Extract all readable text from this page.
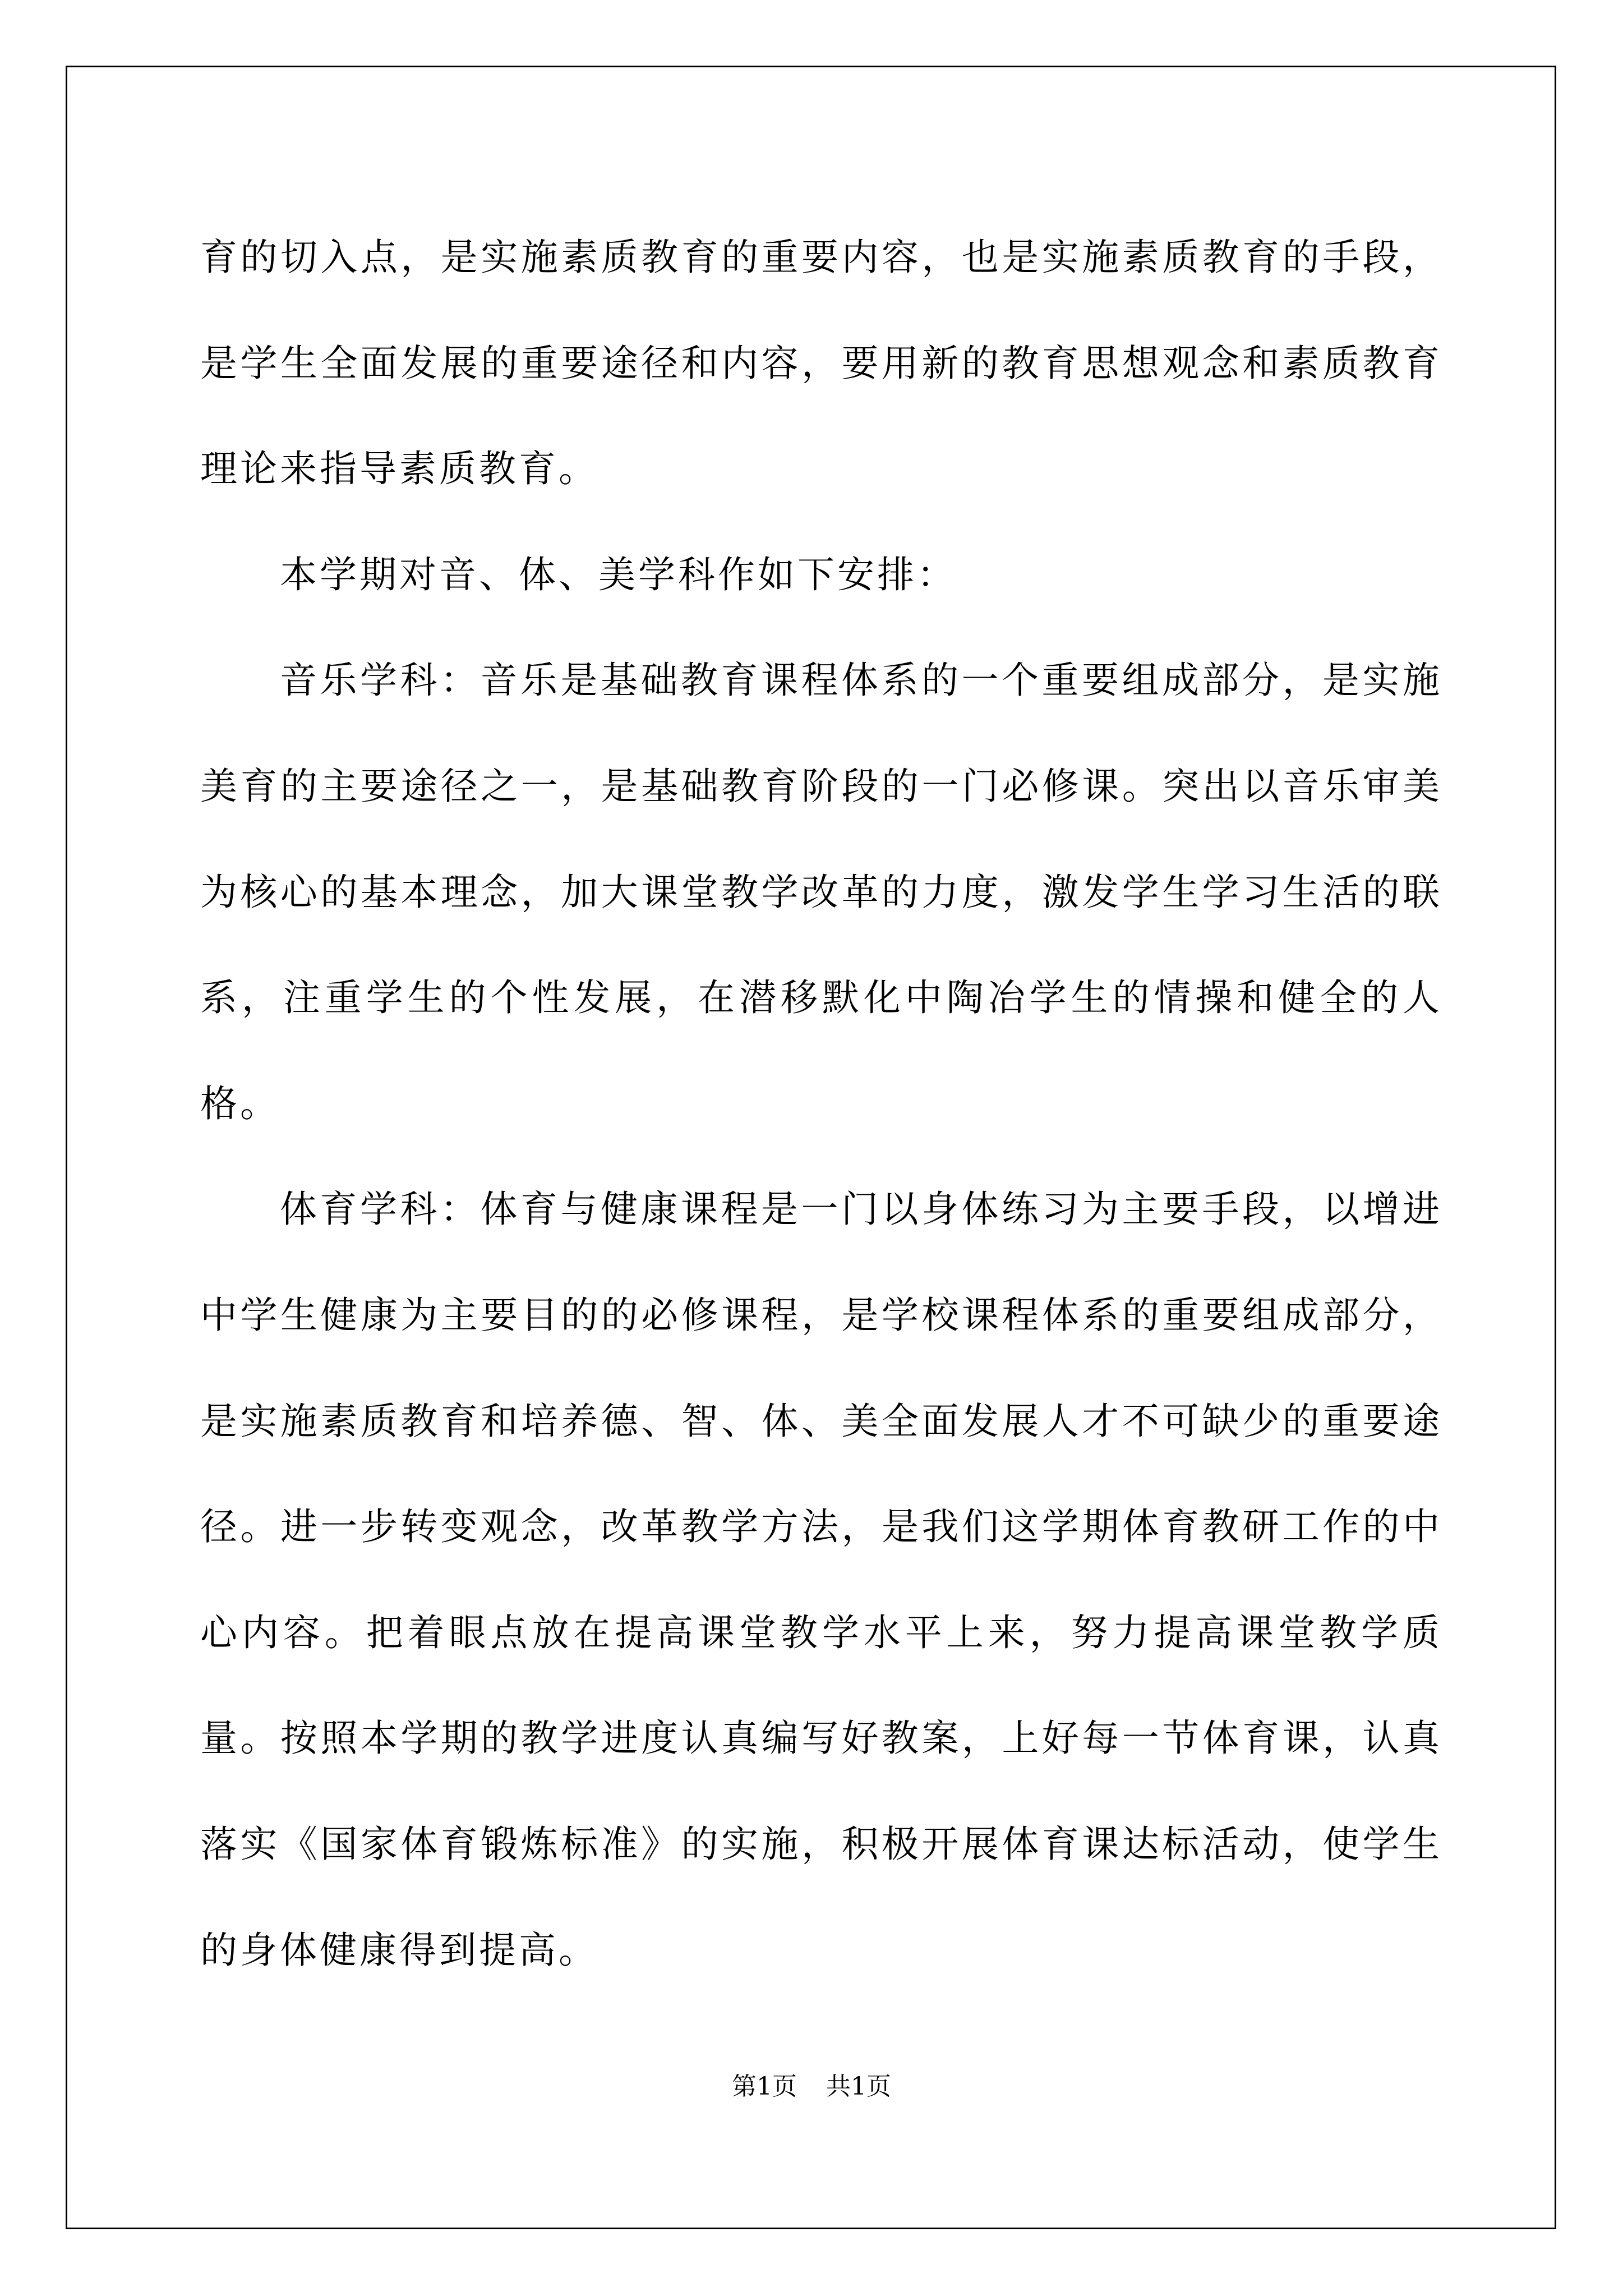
育的切入点，是实施素质教育的重要内容，也是实施素质教育的手段，是学生全面发展的重要途径和内容，要用新的教育思想观念和素质教育理论来指导素质教育。

本学期对音、体、美学科作如下安排：

音乐学科：音乐是基础教育课程体系的一个重要组成部分，是实施美育的主要途径之一，是基础教育阶段的一门必修课。突出以音乐审美为核心的基本理念，加大课堂教学改革的力度，激发学生学习生活的联系，注重学生的个性发展，在潜移默化中陶冶学生的情操和健全的人格。

体育学科：体育与健康课程是一门以身体练习为主要手段，以增进中学生健康为主要目的的必修课程，是学校课程体系的重要组成部分，是实施素质教育和培养德、智、体、美全面发展人才不可缺少的重要途径。进一步转变观念，改革教学方法，是我们这学期体育教研工作的中心内容。把着眼点放在提高课堂教学水平上来，努力提高课堂教学质量。按照本学期的教学进度认真编写好教案，上好每一节体育课，认真落实《国家体育锻炼标准》的实施，积极开展体育课达标活动，使学生的身体健康得到提高。

第1页 共1页
